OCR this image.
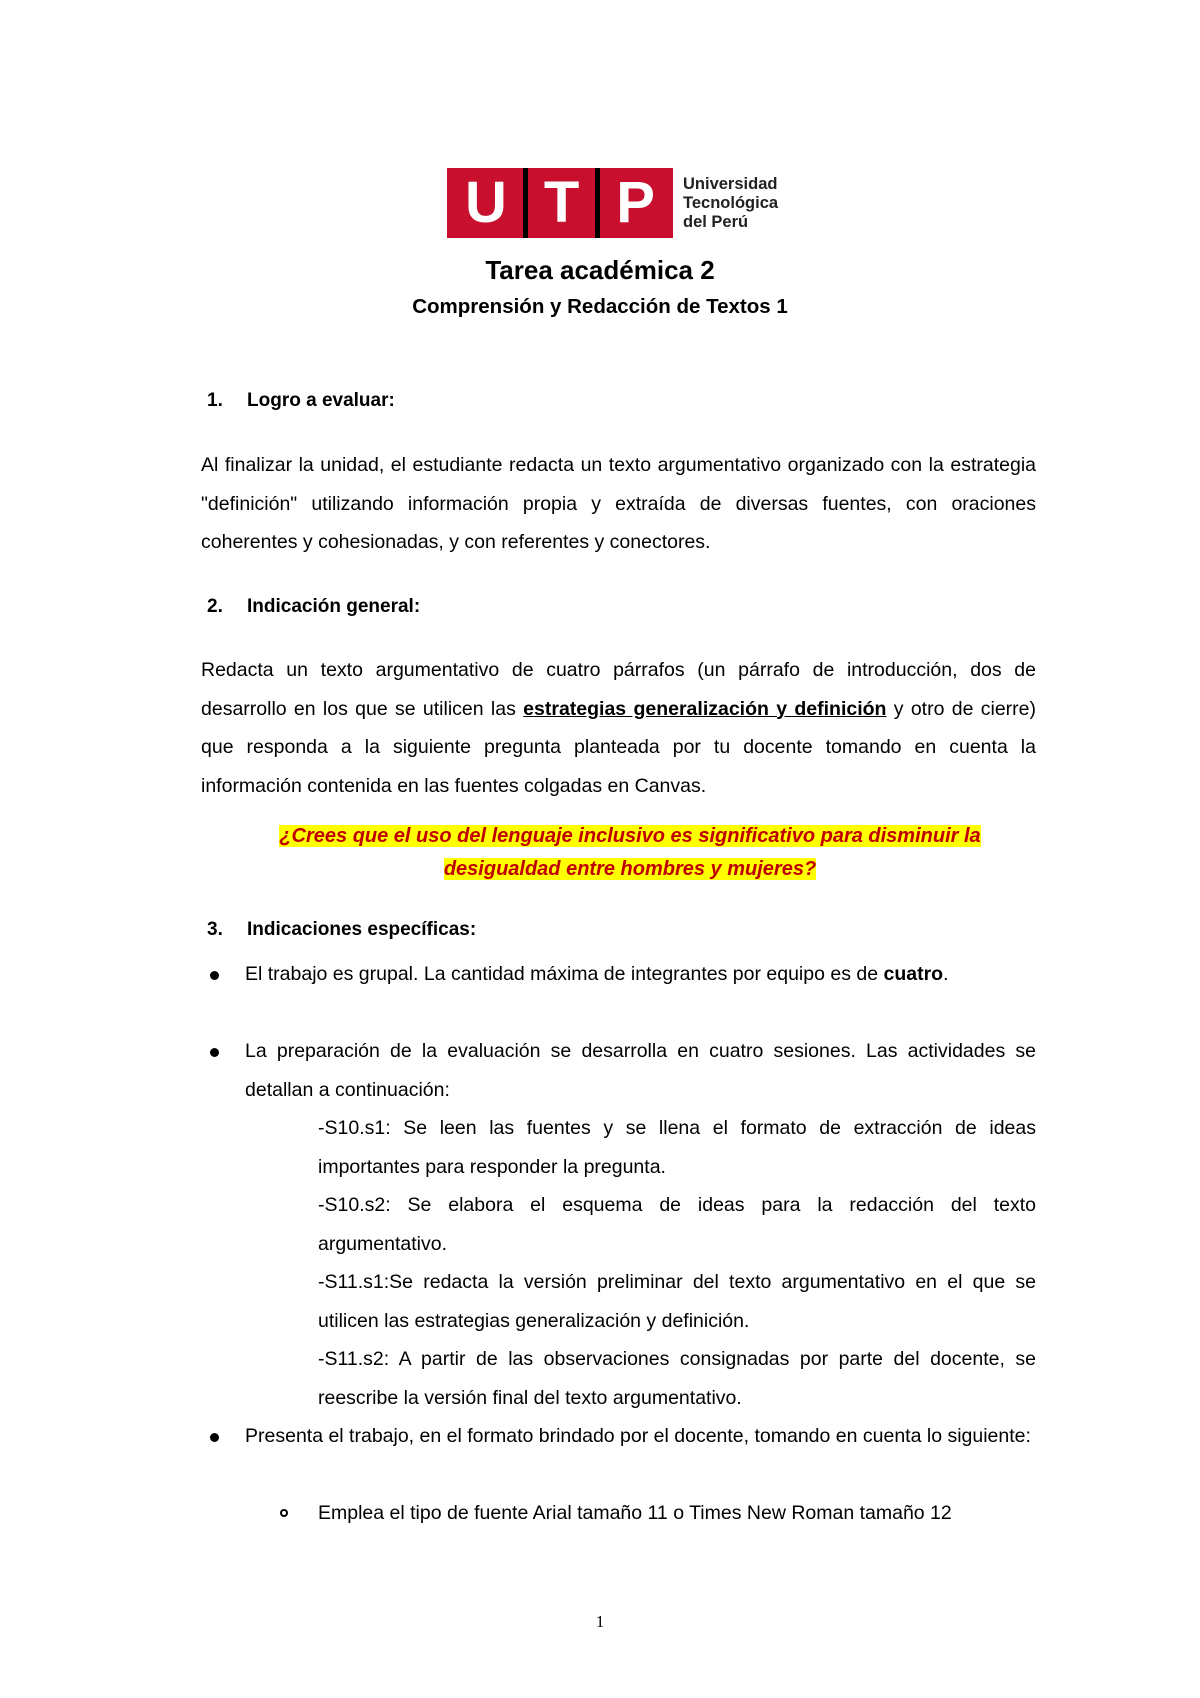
U T P Universidad
Tecnológica
del Perú
Tarea académica 2
Comprensión y Redacción de Textos 1
1. Logro a evaluar:
Al finalizar la unidad, el estudiante redacta un texto argumentativo organizado con la estrategia "definición" utilizando información propia y extraída de diversas fuentes, con oraciones coherentes y cohesionadas, y con referentes y conectores.
2. Indicación general:
Redacta un texto argumentativo de cuatro párrafos (un párrafo de introducción, dos de desarrollo en los que se utilicen las estrategias generalización y definición y otro de cierre) que responda a la siguiente pregunta planteada por tu docente tomando en cuenta la información contenida en las fuentes colgadas en Canvas.
¿Crees que el uso del lenguaje inclusivo es significativo para disminuir la desigualdad entre hombres y mujeres?
3. Indicaciones específicas:
El trabajo es grupal. La cantidad máxima de integrantes por equipo es de cuatro.
La preparación de la evaluación se desarrolla en cuatro sesiones. Las actividades se detallan a continuación:
-S10.s1: Se leen las fuentes y se llena el formato de extracción de ideas importantes para responder la pregunta.
-S10.s2: Se elabora el esquema de ideas para la redacción del texto argumentativo.
-S11.s1:Se redacta la versión preliminar del texto argumentativo en el que se utilicen las estrategias generalización y definición.
-S11.s2: A partir de las observaciones consignadas por parte del docente, se reescribe la versión final del texto argumentativo.
Presenta el trabajo, en el formato brindado por el docente, tomando en cuenta lo siguiente:
Emplea el tipo de fuente Arial tamaño 11 o Times New Roman tamaño 12
1
